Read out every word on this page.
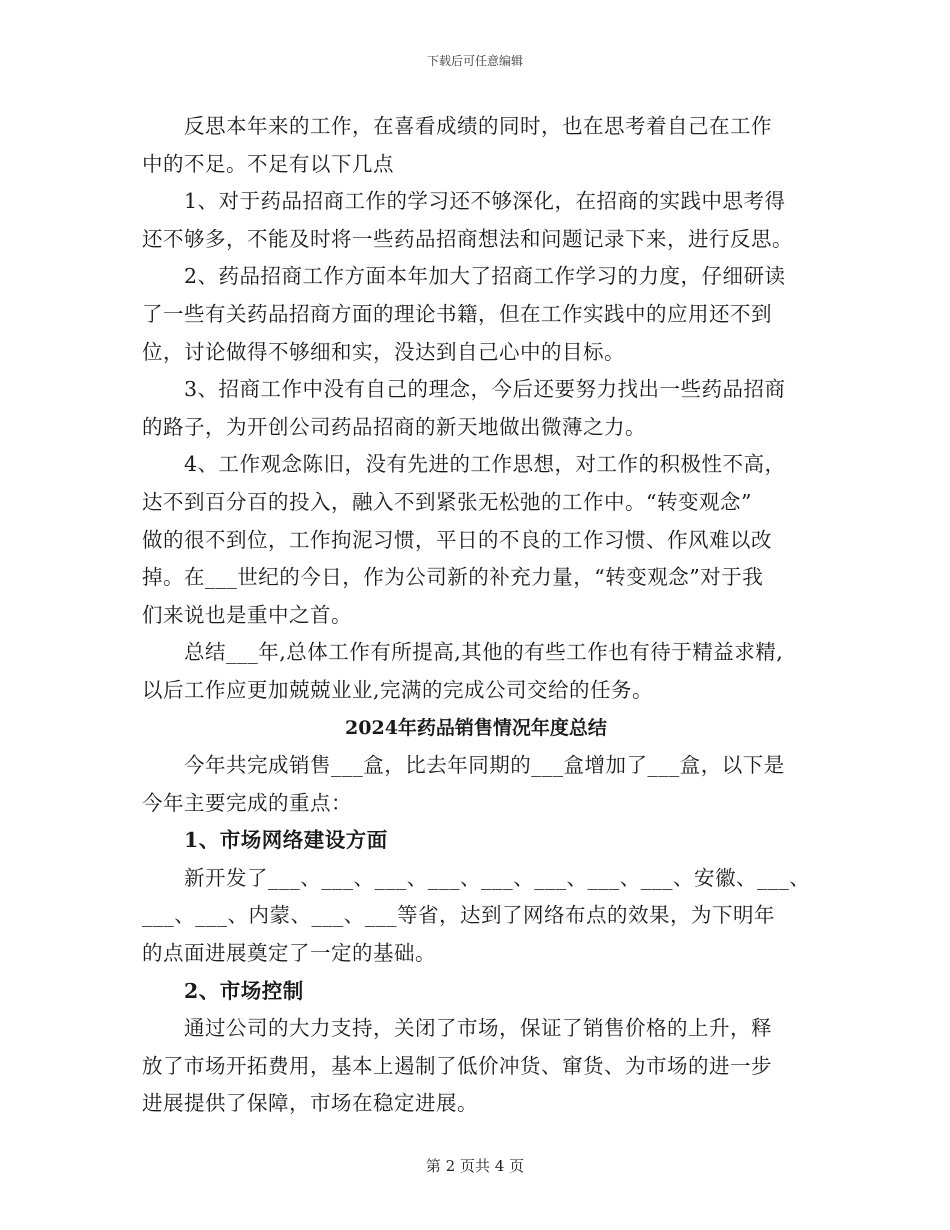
下载后可任意编辑
反思本年来的工作，在喜看成绩的同时，也在思考着自己在工作
中的不足。不足有以下几点
1、对于药品招商工作的学习还不够深化，在招商的实践中思考得
还不够多，不能及时将一些药品招商想法和问题记录下来，进行反思。
2、药品招商工作方面本年加大了招商工作学习的力度，仔细研读
了一些有关药品招商方面的理论书籍，但在工作实践中的应用还不到
位，讨论做得不够细和实，没达到自己心中的目标。
3、招商工作中没有自己的理念，今后还要努力找出一些药品招商
的路子，为开创公司药品招商的新天地做出微薄之力。
4、工作观念陈旧，没有先进的工作思想，对工作的积极性不高，
达不到百分百的投入，融入不到紧张无松弛的工作中。“转变观念”
做的很不到位，工作拘泥习惯，平日的不良的工作习惯、作风难以改
掉。在___世纪的今日，作为公司新的补充力量，“转变观念”对于我
们来说也是重中之首。
总结___年,总体工作有所提高,其他的有些工作也有待于精益求精,
以后工作应更加兢兢业业,完满的完成公司交给的任务。
2024年药品销售情况年度总结
今年共完成销售___盒，比去年同期的___盒增加了___盒，以下是
今年主要完成的重点：
1、市场网络建设方面
新开发了___、___、___、___、___、___、___、___、安徽、___、
___、___、内蒙、___、___等省，达到了网络布点的效果，为下明年
的点面进展奠定了一定的基础。
2、市场控制
通过公司的大力支持，关闭了市场，保证了销售价格的上升，释
放了市场开拓费用，基本上遏制了低价冲货、窜货、为市场的进一步
进展提供了保障，市场在稳定进展。
第 2 页共 4 页
